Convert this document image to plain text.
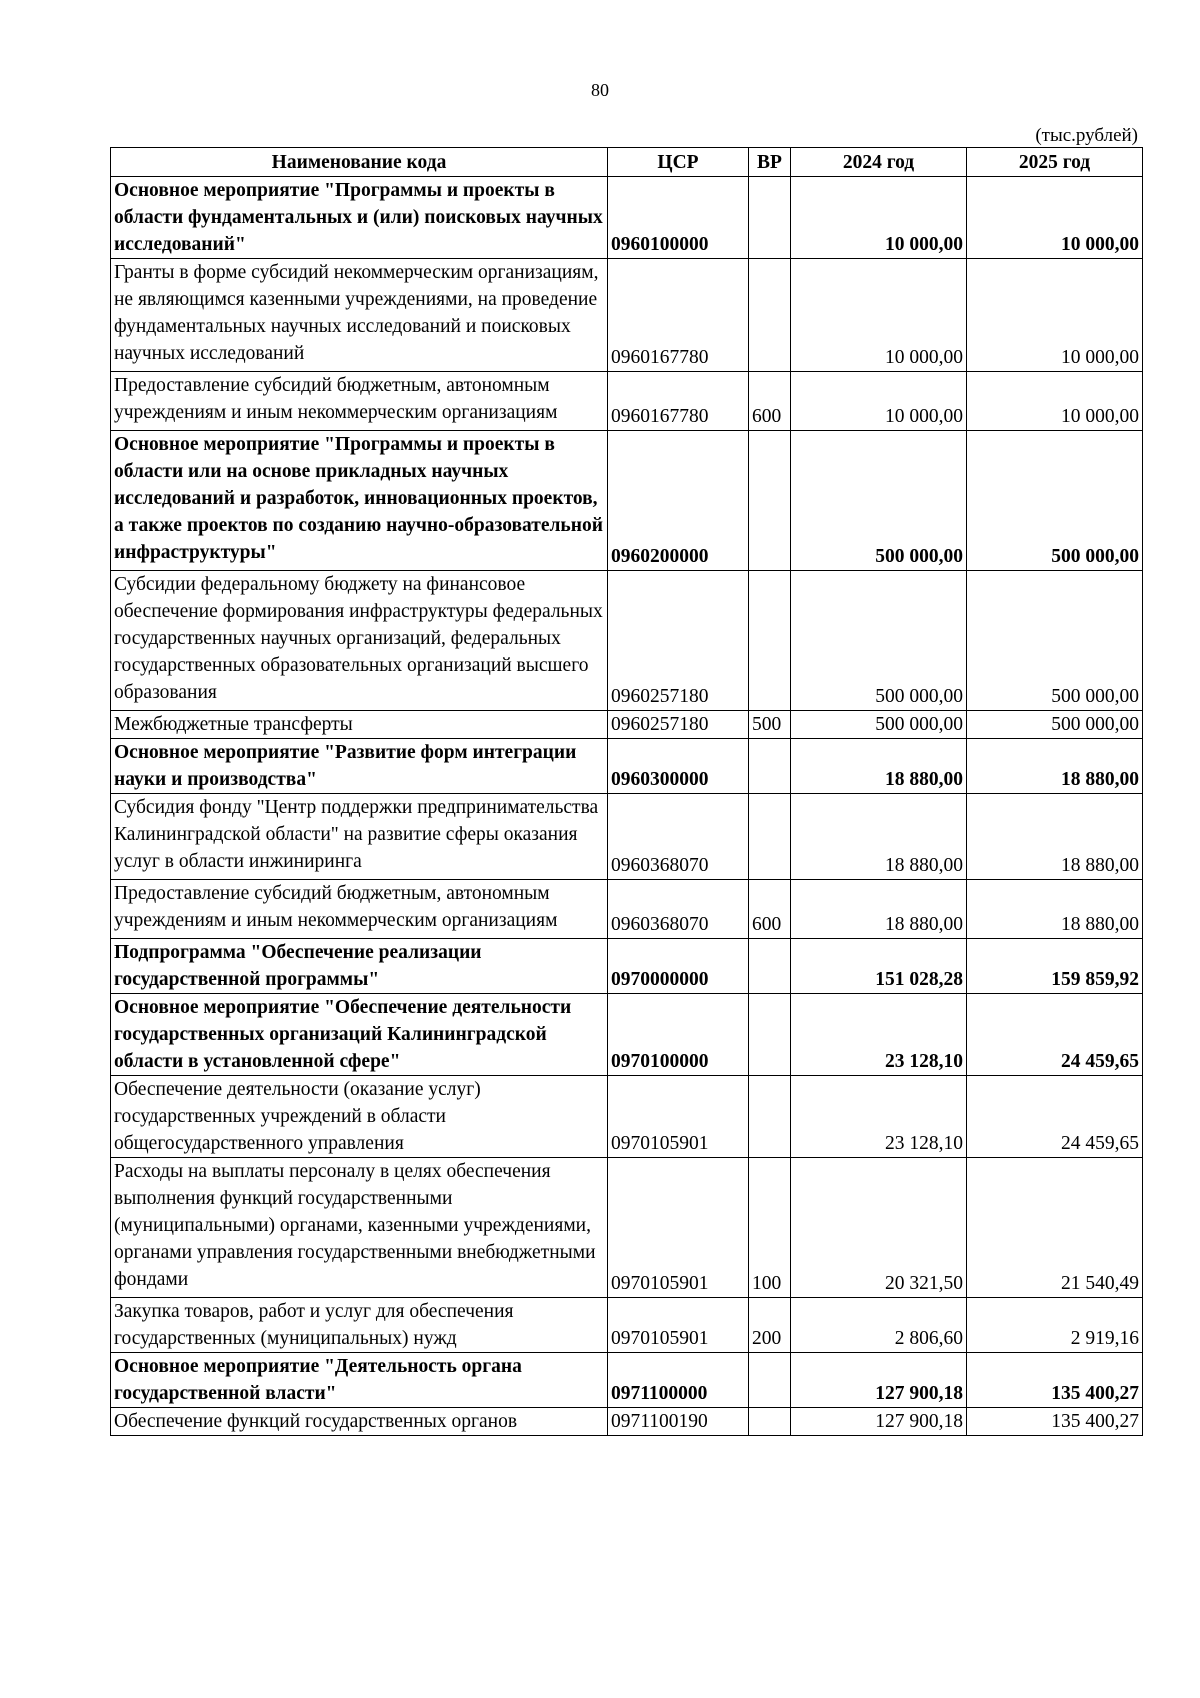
80
(тыс.рублей)
Наименование кода	ЦСР	ВР	2024 год	2025 год
Основное мероприятие "Программы и проекты в области фундаментальных и (или) поисковых научных исследований"	0960100000		10 000,00	10 000,00
Гранты в форме субсидий некоммерческим организациям, не являющимся казенными учреждениями, на проведение фундаментальных научных исследований и поисковых научных исследований	0960167780		10 000,00	10 000,00
Предоставление субсидий бюджетным, автономным учреждениям и иным некоммерческим организациям	0960167780	600	10 000,00	10 000,00
Основное мероприятие "Программы и проекты в области или на основе прикладных научных исследований и разработок, инновационных проектов, а также проектов по созданию научно-образовательной инфраструктуры"	0960200000		500 000,00	500 000,00
Субсидии федеральному бюджету на финансовое обеспечение формирования инфраструктуры федеральных государственных научных организаций, федеральных государственных образовательных организаций высшего образования	0960257180		500 000,00	500 000,00
Межбюджетные трансферты	0960257180	500	500 000,00	500 000,00
Основное мероприятие "Развитие форм интеграции науки и производства"	0960300000		18 880,00	18 880,00
Субсидия фонду "Центр поддержки предпринимательства Калининградской области" на развитие сферы оказания услуг в области инжиниринга	0960368070		18 880,00	18 880,00
Предоставление субсидий бюджетным, автономным учреждениям и иным некоммерческим организациям	0960368070	600	18 880,00	18 880,00
Подпрограмма "Обеспечение реализации государственной программы"	0970000000		151 028,28	159 859,92
Основное мероприятие "Обеспечение деятельности государственных организаций Калининградской области в установленной сфере"	0970100000		23 128,10	24 459,65
Обеспечение деятельности (оказание услуг) государственных учреждений в области общегосударственного управления	0970105901		23 128,10	24 459,65
Расходы на выплаты персоналу в целях обеспечения выполнения функций государственными (муниципальными) органами, казенными учреждениями, органами управления государственными внебюджетными фондами	0970105901	100	20 321,50	21 540,49
Закупка товаров, работ и услуг для обеспечения государственных (муниципальных) нужд	0970105901	200	2 806,60	2 919,16
Основное мероприятие "Деятельность органа государственной власти"	0971100000		127 900,18	135 400,27
Обеспечение функций государственных органов	0971100190		127 900,18	135 400,27
